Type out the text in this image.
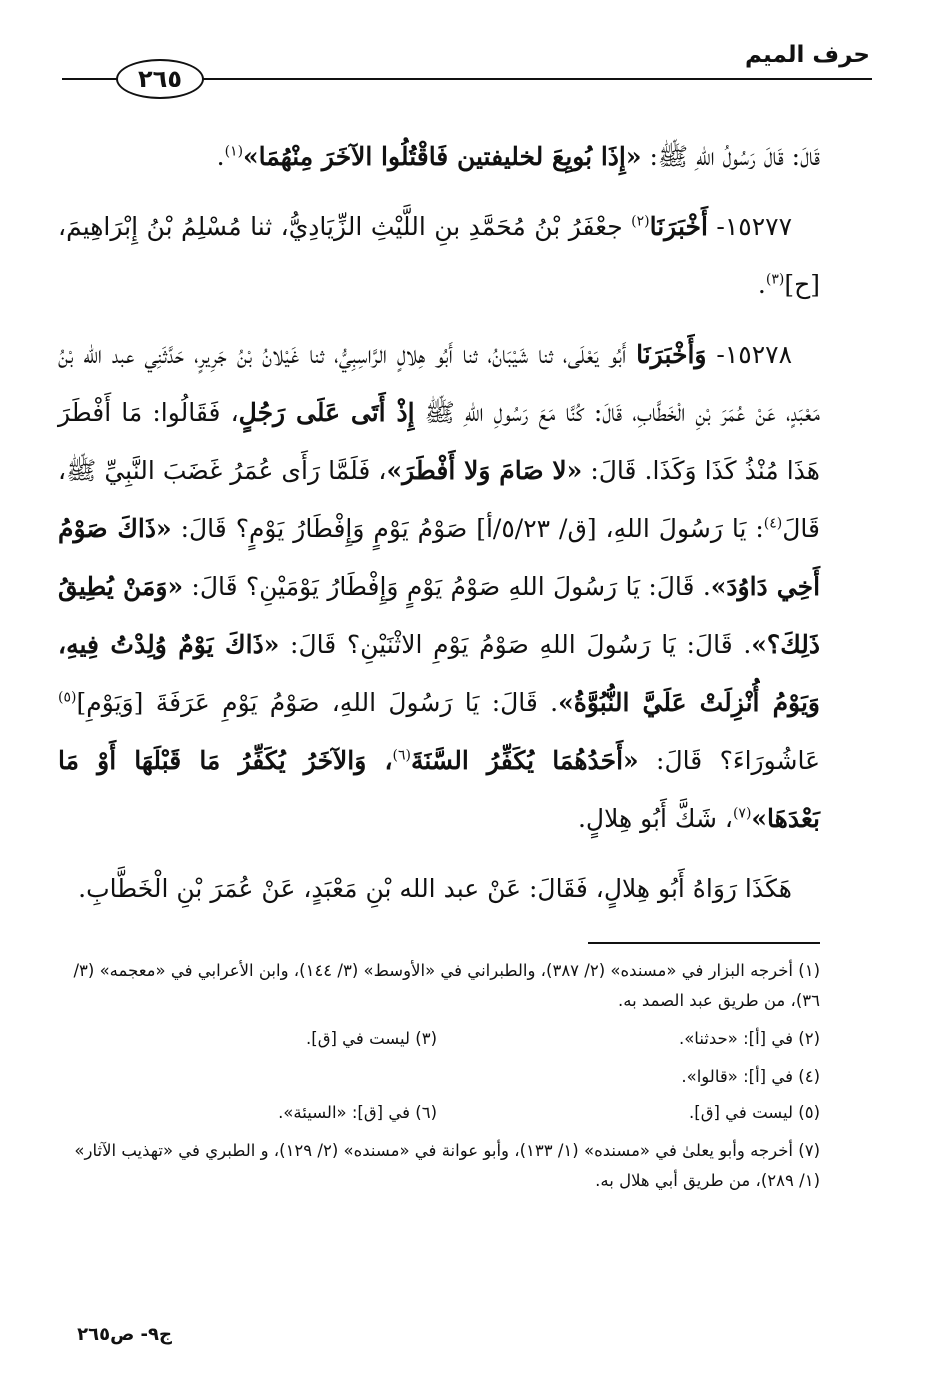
حرف الميم
٢٦٥

قَالَ: قَالَ رَسُولُ اللهِ ﷺ: «إِذَا بُويِعَ لخليفتين فَاقْتُلُوا الآخَرَ مِنْهُمَا»$^{(١)}$.

١٥٢٧٧- أَخْبَرَنَا$^{(٢)}$ جعْفَرُ بْنُ مُحَمَّدِ بنِ اللَّيْثِ الزِّيَادِيُّ، ثنا مُسْلِمُ بْنُ إِبْرَاهِيمَ، [ح]$^{(٣)}$.

١٥٢٧٨- وَأَخْبَرَنَا أَبُو يَعْلَى، ثنا شَيْبَانُ، ثنا أَبُو هِلالٍ الرَّاسِبِيُّ، ثنا غَيْلانُ بْنُ جَرِيرٍ، حَدَّثَنِي عبد الله بْنُ مَعْبَدٍ، عَنْ عُمَرَ بْنِ الْخَطَّابِ، قَالَ: كُنَّا مَعَ رَسُولِ اللهِ ﷺ إِذْ أَتَى عَلَى رَجُلٍ، فَقَالُوا: مَا أَفْطَرَ هَذَا مُنْذُ كَذَا وَكَذَا. قَالَ: «لا صَامَ وَلا أَفْطَرَ»، فَلَمَّا رَأَى عُمَرُ غَضَبَ النَّبِيِّ ﷺ، قَالَ$^{(٤)}$: يَا رَسُولَ اللهِ، [ق/ ٥/٢٣/أ] صَوْمُ يَوْمٍ وَإِفْطَارُ يَوْمٍ؟ قَالَ: «ذَاكَ صَوْمُ أَخِي دَاوُدَ». قَالَ: يَا رَسُولَ اللهِ صَوْمُ يَوْمٍ وَإِفْطَارُ يَوْمَيْنِ؟ قَالَ: «وَمَنْ يُطِيقُ ذَلِكَ؟». قَالَ: يَا رَسُولَ اللهِ صَوْمُ يَوْمِ الاثْنَيْنِ؟ قَالَ: «ذَاكَ يَوْمٌ وُلِدْتُ فِيهِ، وَيَوْمُ أُنْزِلَتْ عَلَيَّ النُّبُوَّةُ». قَالَ: يَا رَسُولَ اللهِ، صَوْمُ يَوْمِ عَرَفَةَ [وَيَوْمِ]$^{(٥)}$ عَاشُورَاءَ؟ قَالَ: «أَحَدُهُمَا يُكَفِّرُ السَّنَةَ$^{(٦)}$، وَالآخَرُ يُكَفِّرُ مَا قَبْلَهَا أَوْ مَا بَعْدَهَا»$^{(٧)}$، شَكَّ أَبُو هِلالٍ.

هَكَذَا رَوَاهُ أَبُو هِلالٍ، فَقَالَ: عَنْ عبد الله بْنِ مَعْبَدٍ، عَنْ عُمَرَ بْنِ الْخَطَّابِ.

(١) أخرجه البزار في «مسنده» (٢/ ٣٨٧)، والطبراني في «الأوسط» (٣/ ١٤٤)، وابن الأعرابي في «معجمه» (٣/ ٣٦)، من طريق عبد الصمد به.
(٢) في [أ]: «حدثنا».
(٣) ليست في [ق].
(٤) في [أ]: «قالوا».
(٥) ليست في [ق].
(٦) في [ق]: «السيئة».
(٧) أخرجه وأبو يعلىٰ في «مسنده» (١/ ١٣٣)، وأبو عوانة في «مسنده» (٢/ ١٢٩)، و الطبري في «تهذيب الآثار» (١/ ٢٨٩)، من طريق أبي هلال به.
ج٩- ص٢٦٥
